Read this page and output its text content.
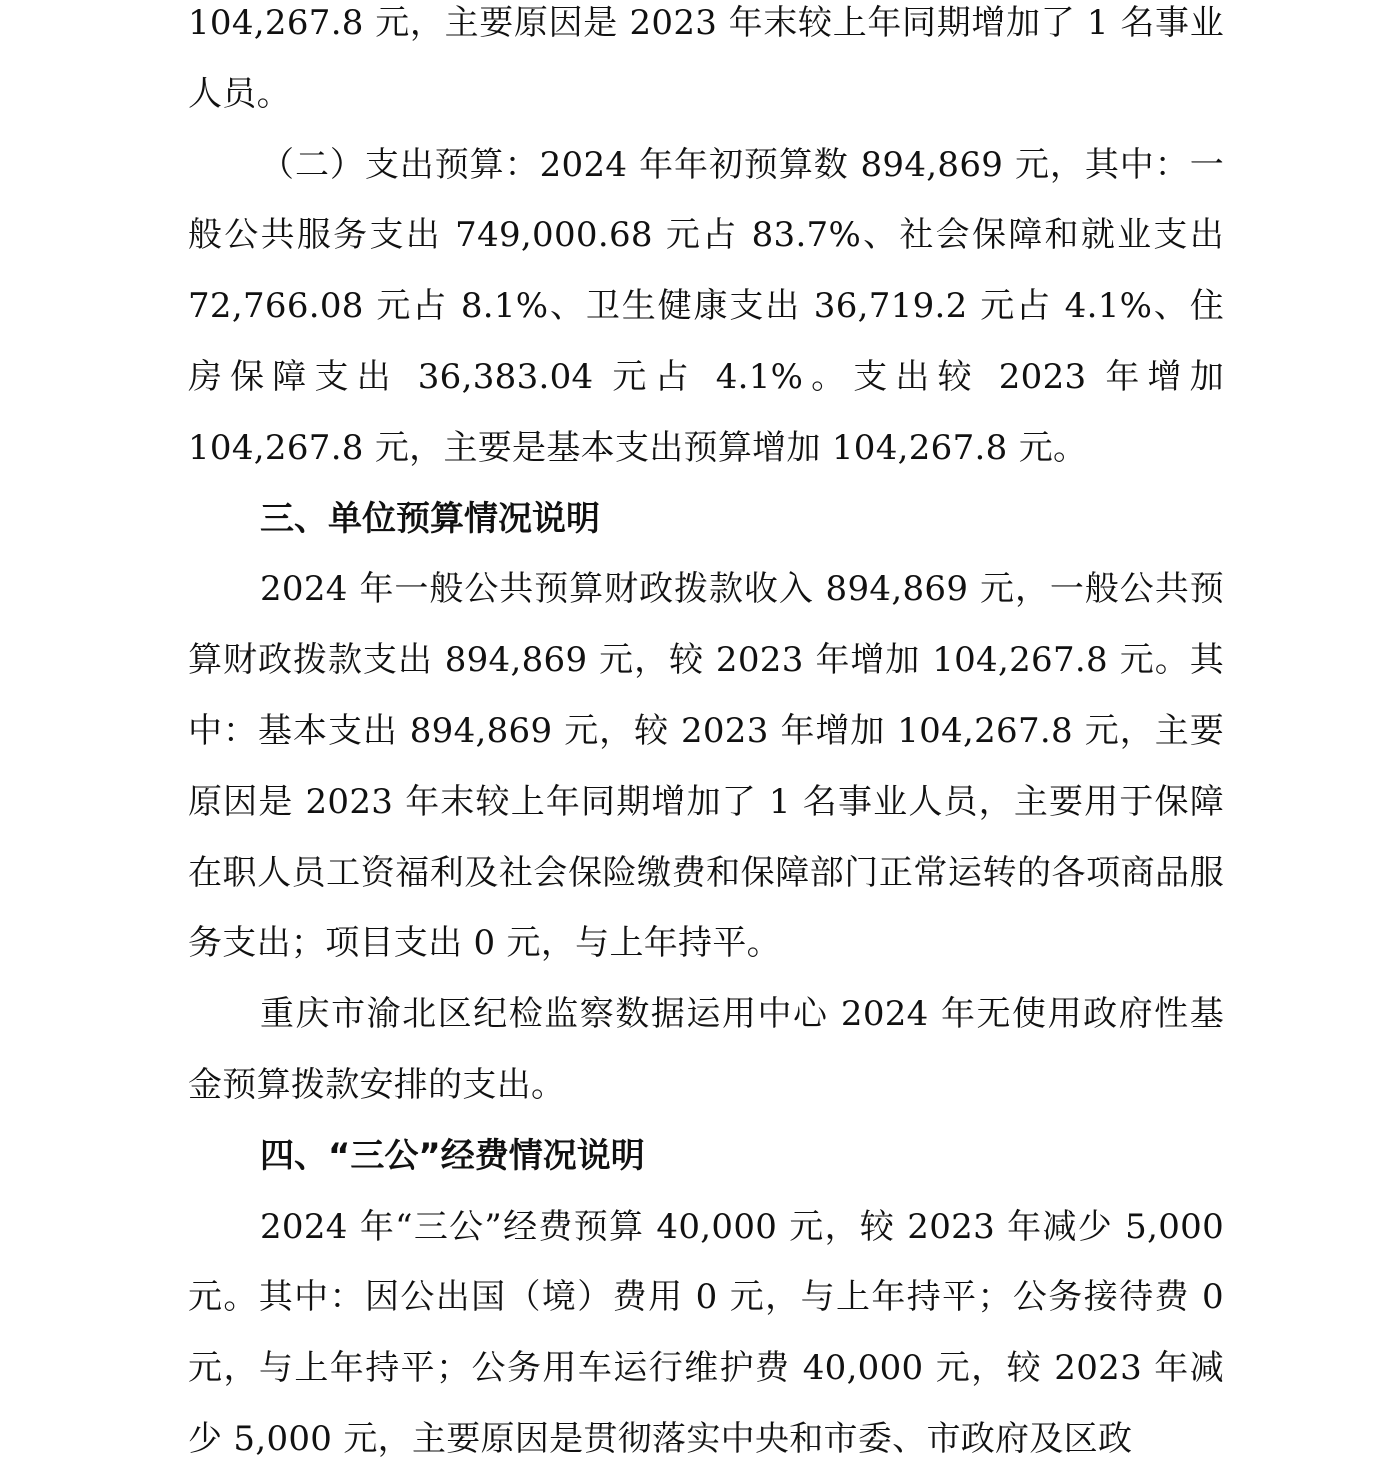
104,267.8 元，主要原因是 2023 年末较上年同期增加了 1 名事业人员。

（二）支出预算：2024 年年初预算数 894,869 元，其中：一般公共服务支出 749,000.68 元占 83.7%、社会保障和就业支出 72,766.08 元占 8.1%、卫生健康支出 36,719.2 元占 4.1%、住房保障支出 36,383.04 元占 4.1%。支出较 2023 年增加 104,267.8 元，主要是基本支出预算增加 104,267.8 元。

三、单位预算情况说明

2024 年一般公共预算财政拨款收入 894,869 元，一般公共预算财政拨款支出 894,869 元，较 2023 年增加 104,267.8 元。其中：基本支出 894,869 元，较 2023 年增加 104,267.8 元，主要原因是 2023 年末较上年同期增加了 1 名事业人员，主要用于保障在职人员工资福利及社会保险缴费和保障部门正常运转的各项商品服务支出；项目支出 0 元，与上年持平。

重庆市渝北区纪检监察数据运用中心 2024 年无使用政府性基金预算拨款安排的支出。

四、“三公”经费情况说明

2024 年“三公”经费预算 40,000 元，较 2023 年减少 5,000 元。其中：因公出国（境）费用 0 元，与上年持平；公务接待费 0 元，与上年持平；公务用车运行维护费 40,000 元，较 2023 年减少 5,000 元，主要原因是贯彻落实中央和市委、市政府及区政
